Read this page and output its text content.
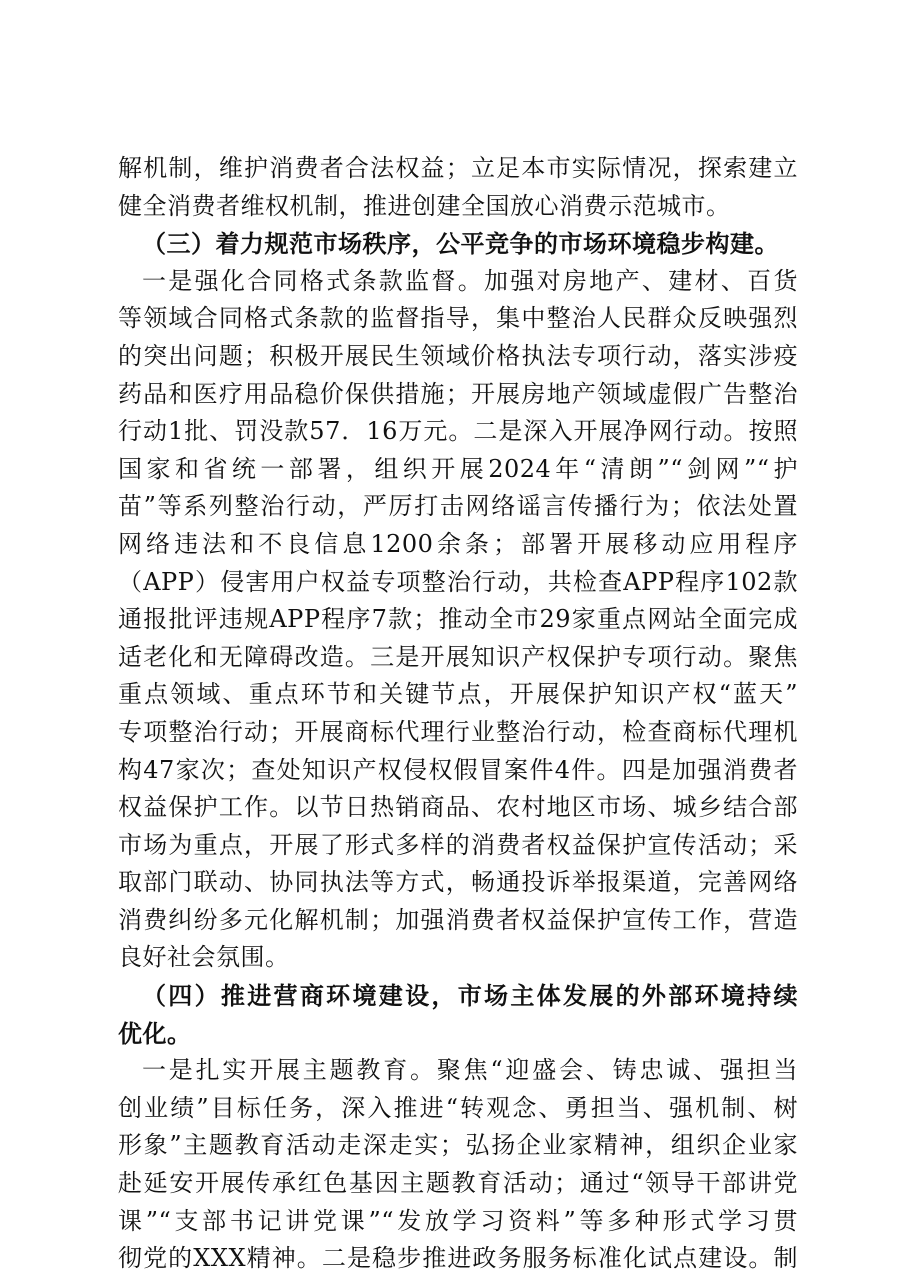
解机制，维护消费者合法权益；立足本市实际情况，探索建立
健全消费者维权机制，推进创建全国放心消费示范城市。
（三）着力规范市场秩序，公平竞争的市场环境稳步构建。
一是强化合同格式条款监督。加强对房地产、建材、百货
等领域合同格式条款的监督指导，集中整治人民群众反映强烈
的突出问题；积极开展民生领域价格执法专项行动，落实涉疫
药品和医疗用品稳价保供措施；开展房地产领域虚假广告整治
行动1批、罚没款57．16万元。二是深入开展净网行动。按照
国家和省统一部署，组织开展2024年“清朗”“剑网”“护
苗”等系列整治行动，严厉打击网络谣言传播行为；依法处置
网络违法和不良信息1200余条；部署开展移动应用程序
（APP）侵害用户权益专项整治行动，共检查APP程序102款
通报批评违规APP程序7款；推动全市29家重点网站全面完成
适老化和无障碍改造。三是开展知识产权保护专项行动。聚焦
重点领域、重点环节和关键节点，开展保护知识产权“蓝天”
专项整治行动；开展商标代理行业整治行动，检查商标代理机
构47家次；查处知识产权侵权假冒案件4件。四是加强消费者
权益保护工作。以节日热销商品、农村地区市场、城乡结合部
市场为重点，开展了形式多样的消费者权益保护宣传活动；采
取部门联动、协同执法等方式，畅通投诉举报渠道，完善网络
消费纠纷多元化解机制；加强消费者权益保护宣传工作，营造
良好社会氛围。
（四）推进营商环境建设，市场主体发展的外部环境持续
优化。
一是扎实开展主题教育。聚焦“迎盛会、铸忠诚、强担当
创业绩”目标任务，深入推进“转观念、勇担当、强机制、树
形象”主题教育活动走深走实；弘扬企业家精神，组织企业家
赴延安开展传承红色基因主题教育活动；通过“领导干部讲党
课”“支部书记讲党课”“发放学习资料”等多种形式学习贯
彻党的XXX精神。二是稳步推进政务服务标准化试点建设。制
